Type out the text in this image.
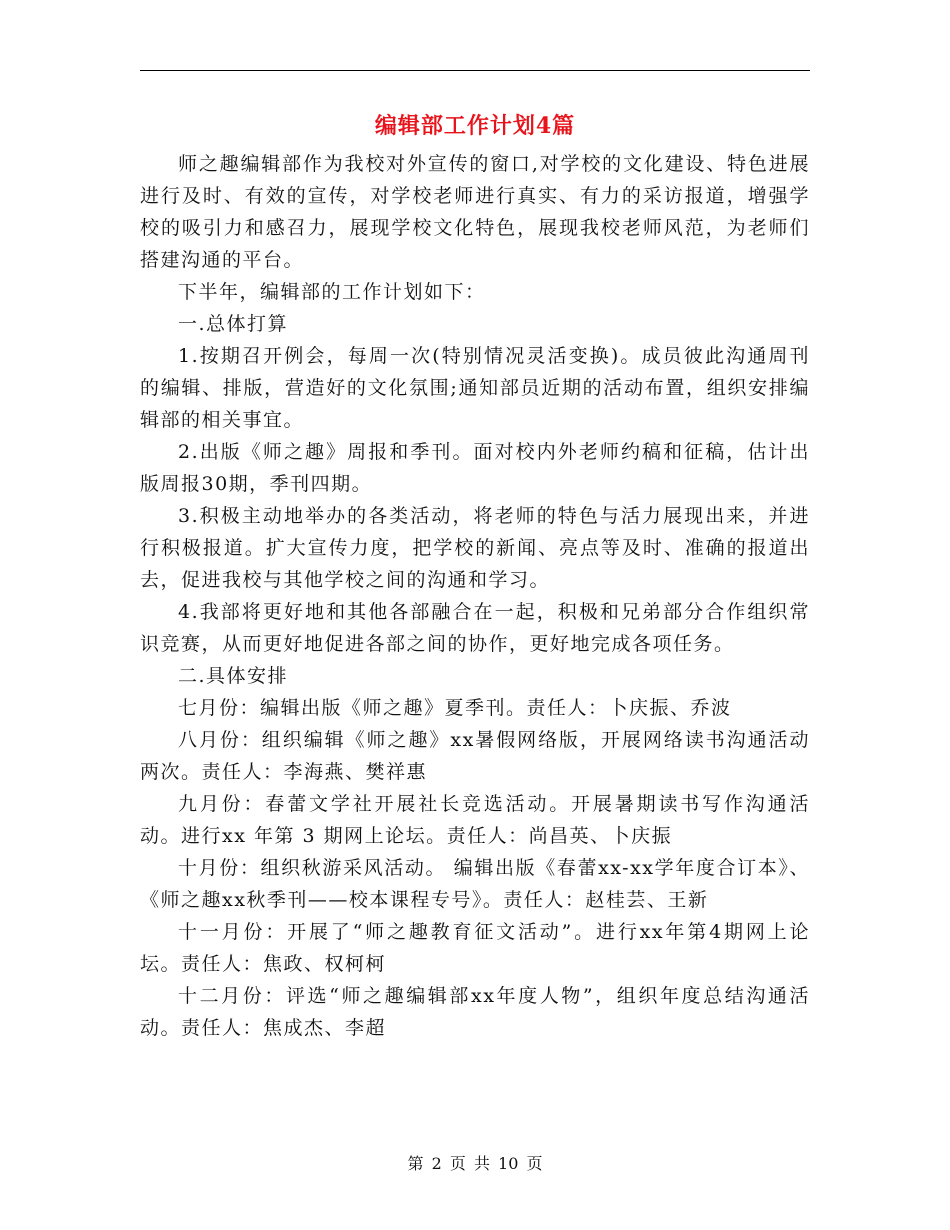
编辑部工作计划4篇

师之趣编辑部作为我校对外宣传的窗口,对学校的文化建设、特色进展进行及时、有效的宣传，对学校老师进行真实、有力的采访报道，增强学校的吸引力和感召力，展现学校文化特色，展现我校老师风范，为老师们搭建沟通的平台。

下半年，编辑部的工作计划如下：

一.总体打算

1.按期召开例会，每周一次(特别情况灵活变换)。成员彼此沟通周刊的编辑、排版，营造好的文化氛围;通知部员近期的活动布置，组织安排编辑部的相关事宜。

2.出版《师之趣》周报和季刊。面对校内外老师约稿和征稿，估计出版周报30期，季刊四期。

3.积极主动地举办的各类活动，将老师的特色与活力展现出来，并进行积极报道。扩大宣传力度，把学校的新闻、亮点等及时、准确的报道出去，促进我校与其他学校之间的沟通和学习。

4.我部将更好地和其他各部融合在一起，积极和兄弟部分合作组织常识竞赛，从而更好地促进各部之间的协作，更好地完成各项任务。

二.具体安排

七月份：编辑出版《师之趣》夏季刊。责任人：卜庆振、乔波

八月份：组织编辑《师之趣》xx暑假网络版，开展网络读书沟通活动两次。责任人：李海燕、樊祥惠

九月份：春蕾文学社开展社长竞选活动。开展暑期读书写作沟通活动。进行xx 年第 3 期网上论坛。责任人：尚昌英、卜庆振

十月份：组织秋游采风活动。 编辑出版《春蕾xx-xx学年度合订本》、《师之趣xx秋季刊——校本课程专号》。责任人：赵桂芸、王新

十一月份：开展了“师之趣教育征文活动”。进行xx年第4期网上论坛。责任人：焦政、权柯柯

十二月份：评选“师之趣编辑部xx年度人物”，组织年度总结沟通活动。责任人：焦成杰、李超

第 2 页 共 10 页
